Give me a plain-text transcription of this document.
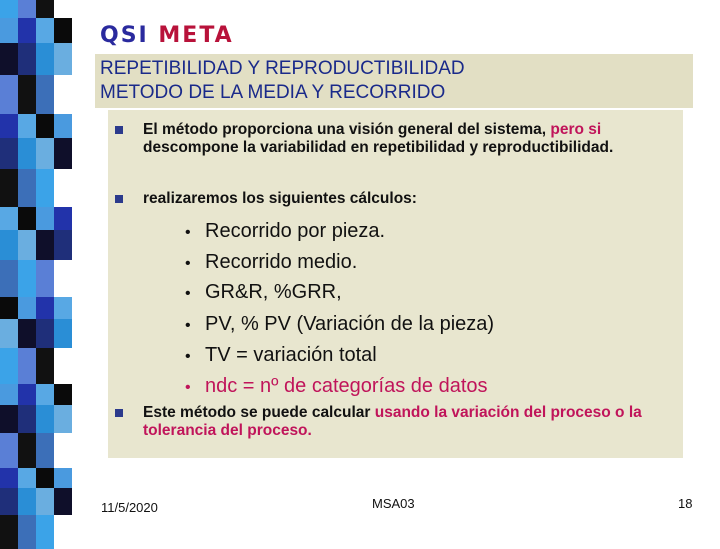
QSI META
REPETIBILIDAD Y REPRODUCTIBILIDAD
METODO DE LA MEDIA Y RECORRIDO
El método proporciona una visión general del sistema, pero si descompone la variabilidad en repetibilidad y reproductibilidad.
realizaremos los siguientes cálculos:
• Recorrido por pieza.
• Recorrido medio.
• GR&R, %GRR,
• PV, % PV (Variación de la pieza)
• TV = variación total
• ndc = nº de categorías de datos
Este método se puede calcular usando la variación del proceso o la tolerancia del proceso.
11/5/2020	MSA03	18
